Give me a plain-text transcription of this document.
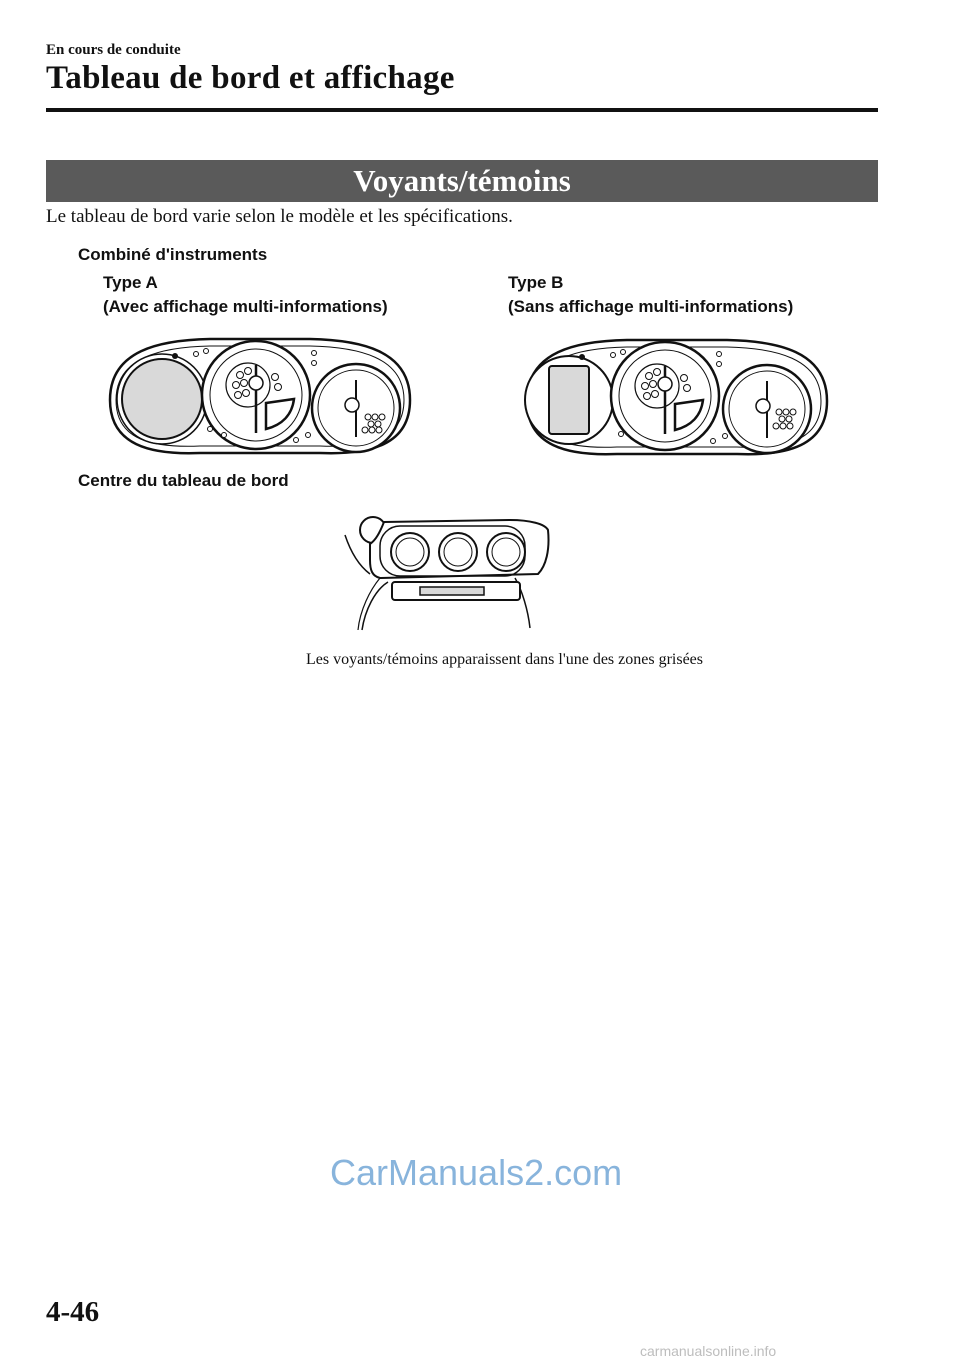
En cours de conduite
Tableau de bord et affichage
Voyants/témoins
Le tableau de bord varie selon le modèle et les spécifications.
Combiné d'instruments
Type A
(Avec affichage multi-informations)
Type B
(Sans affichage multi-informations)
Centre du tableau de bord
Les voyants/témoins apparaissent dans l'une des zones grisées
CarManuals2.com
4-46
carmanualsonline.info
